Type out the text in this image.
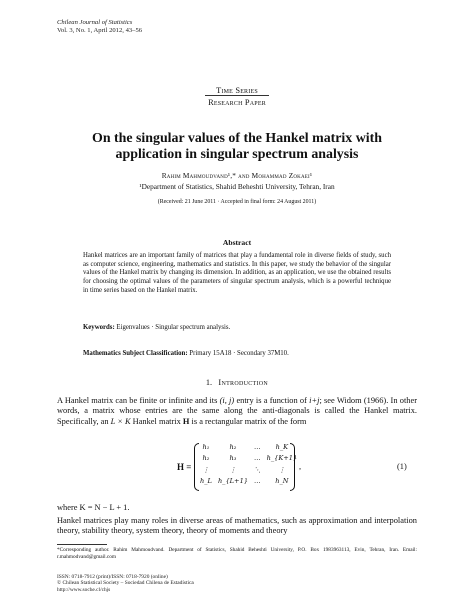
Chilean Journal of Statistics
Vol. 3, No. 1, April 2012, 43–56
Time Series
Research Paper
On the singular values of the Hankel matrix with
application in singular spectrum analysis
Rahim Mahmoudvand¹,* and Mohammad Zokaei¹
¹Department of Statistics, Shahid Beheshti University, Tehran, Iran
(Received: 21 June 2011 · Accepted in final form: 24 August 2011)
Abstract
Hankel matrices are an important family of matrices that play a fundamental role in diverse fields of study, such as computer science, engineering, mathematics and statistics. In this paper, we study the behavior of the singular values of the Hankel matrix by changing its dimension. In addition, as an application, we use the obtained results for choosing the optimal values of the parameters of singular spectrum analysis, which is a powerful technique in time series based on the Hankel matrix.
Keywords: Eigenvalues · Singular spectrum analysis.
Mathematics Subject Classification: Primary 15A18 · Secondary 37M10.
1. Introduction
A Hankel matrix can be finite or infinite and its (i, j) entry is a function of i+j; see Widom (1966). In other words, a matrix whose entries are the same along the anti-diagonals is called the Hankel matrix. Specifically, an L × K Hankel matrix H is a rectangular matrix of the form
H =
h₁	h₂	…	h_K
h₂	h₃	…	h_{K+1}
⋮	⋮	⋱	⋮
h_L	h_{L+1}	…	h_N
,	(1)
where K = N − L + 1.
Hankel matrices play many roles in diverse areas of mathematics, such as approximation and interpolation theory, stability theory, system theory, theory of moments and theory
*Corresponding author. Rahim Mahmoudvand. Department of Statistics, Shahid Beheshti University, P.O. Box 1983963113, Evin, Tehran, Iran. Email: r.mahmodvand@gmail.com
ISSN: 0718-7912 (print)/ISSN: 0718-7920 (online)
© Chilean Statistical Society – Sociedad Chilena de Estadística
http://www.soche.cl/chjs
